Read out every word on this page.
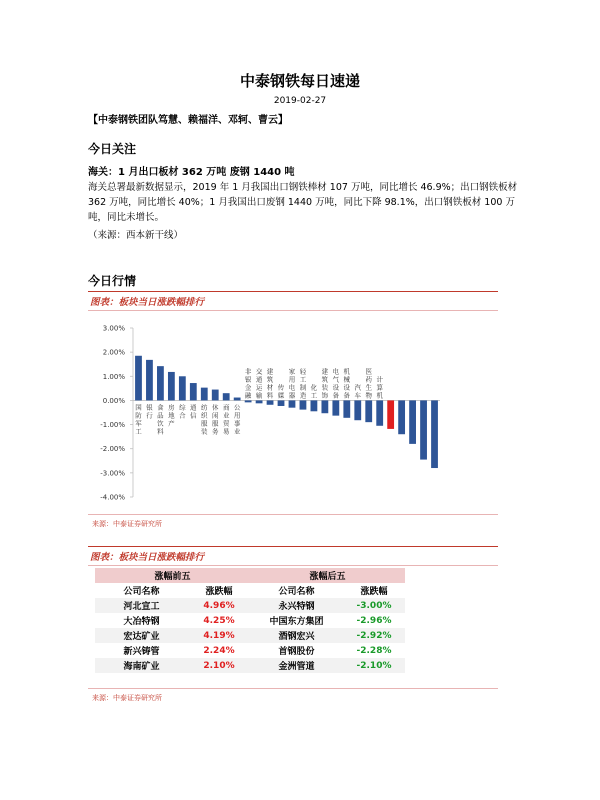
中泰钢铁每日速递
2019-02-27
【中泰钢铁团队笃慧、赖福洋、邓轲、曹云】
今日关注
海关：1 月出口板材 362 万吨 废钢 1440 吨
海关总署最新数据显示，2019 年 1 月我国出口钢铁棒材 107 万吨，同比增长 46.9%；出口钢铁板材 362 万吨，同比增长 40%；1 月我国出口废钢 1440 万吨，同比下降 98.1%，出口钢铁板材 100 万吨，同比未增长。
（来源：西本新干线）
今日行情
图表：板块当日涨跌幅排行
3.00%
2.00%
1.00%
0.00%
-1.00%
-2.00%
-3.00%
-4.00%
国防军工
银行
食品饮料
房地产
综合
通信
纺织服装
休闲服务
商业贸易
公用事业
非银金融
交通运输
建筑材料
传媒
家用电器
轻工制造
化工
建筑装饰
电气设备
机械设备
汽车
医药生物
计算机
来源：中泰证券研究所
图表：板块当日涨跌幅排行
涨幅前五		涨幅后五	
公司名称	涨跌幅	公司名称	涨跌幅
河北宣工	4.96%	永兴特钢	-3.00%
大冶特钢	4.25%	中国东方集团	-2.96%
宏达矿业	4.19%	酒钢宏兴	-2.92%
新兴铸管	2.24%	首钢股份	-2.28%
海南矿业	2.10%	金洲管道	-2.10%
来源：中泰证券研究所
